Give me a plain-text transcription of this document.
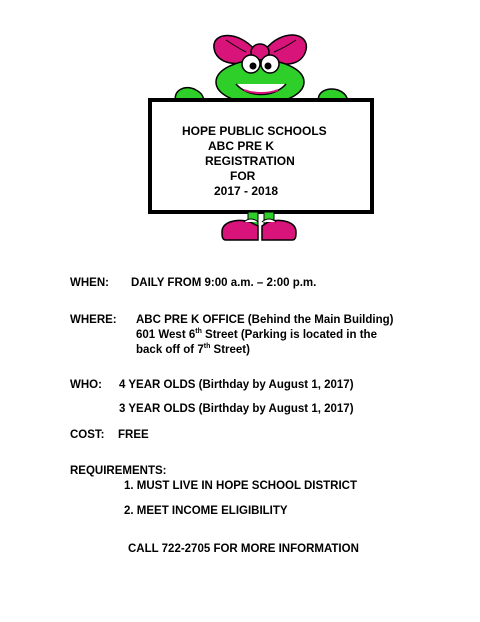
HOPE PUBLIC SCHOOLS
ABC PRE K
REGISTRATION
FOR
2017 - 2018
WHEN: DAILY FROM 9:00 a.m. – 2:00 p.m.
WHERE: ABC PRE K OFFICE (Behind the Main Building)
601 West 6th Street (Parking is located in the
back off of 7th Street)
WHO: 4 YEAR OLDS (Birthday by August 1, 2017)
3 YEAR OLDS (Birthday by August 1, 2017)
COST: FREE
REQUIREMENTS:
1. MUST LIVE IN HOPE SCHOOL DISTRICT
2. MEET INCOME ELIGIBILITY
CALL 722-2705 FOR MORE INFORMATION
